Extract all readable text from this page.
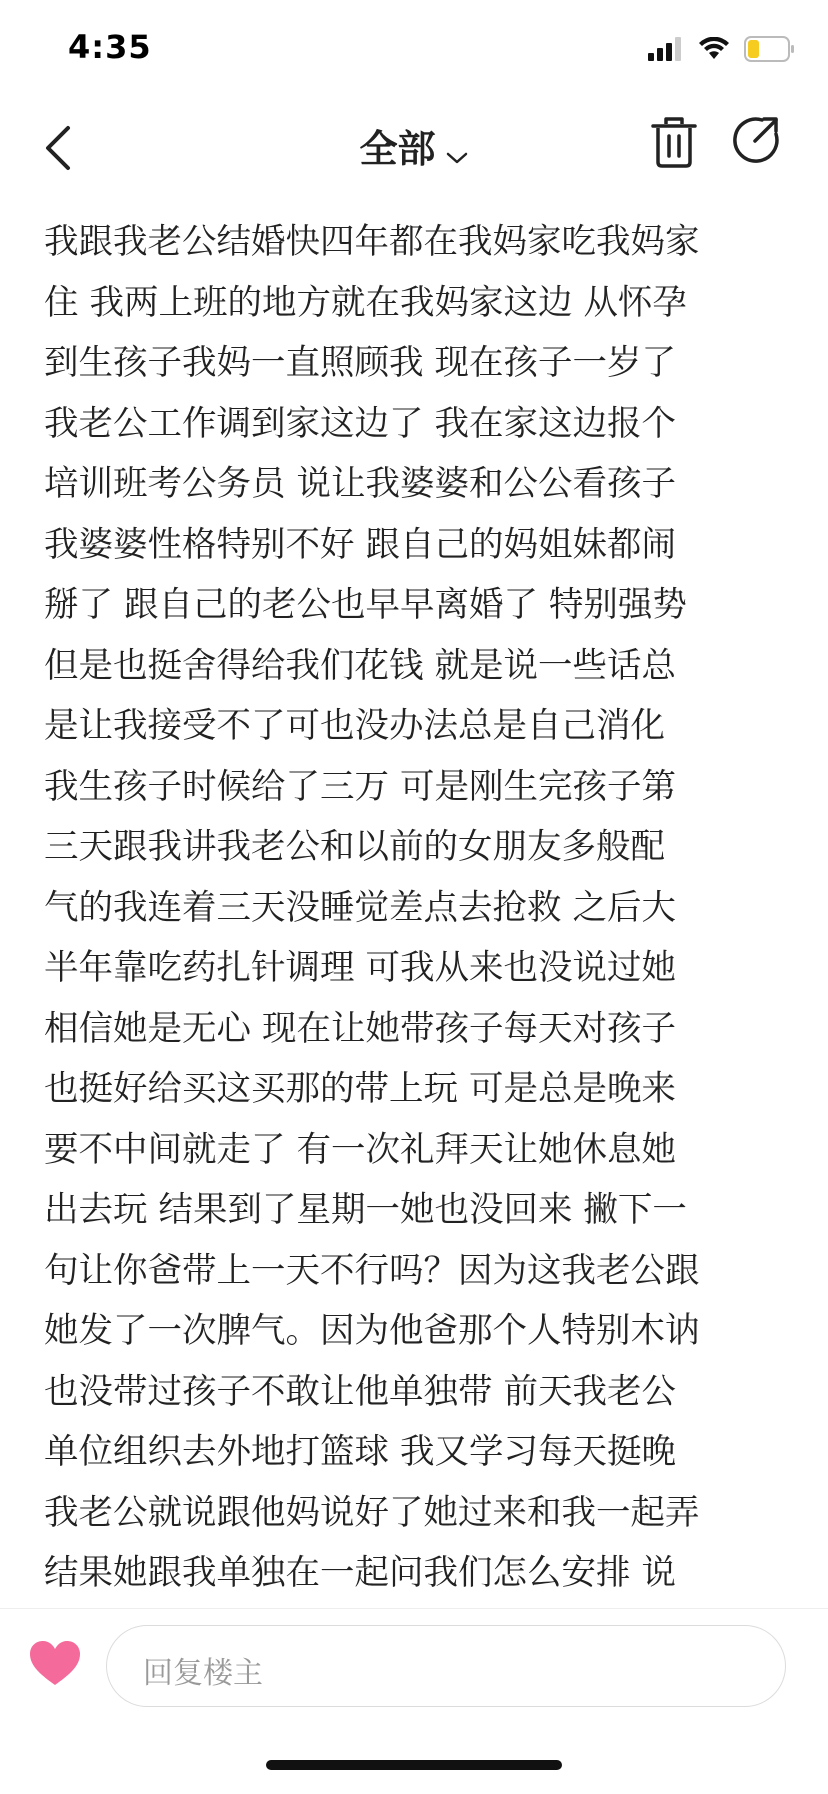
4:35
全部
我跟我老公结婚快四年都在我妈家吃我妈家
住 我两上班的地方就在我妈家这边 从怀孕
到生孩子我妈一直照顾我 现在孩子一岁了
我老公工作调到家这边了 我在家这边报个
培训班考公务员 说让我婆婆和公公看孩子
我婆婆性格特别不好 跟自己的妈姐妹都闹
掰了 跟自己的老公也早早离婚了 特别强势
但是也挺舍得给我们花钱 就是说一些话总
是让我接受不了可也没办法总是自己消化
我生孩子时候给了三万 可是刚生完孩子第
三天跟我讲我老公和以前的女朋友多般配
气的我连着三天没睡觉差点去抢救 之后大
半年靠吃药扎针调理 可我从来也没说过她
相信她是无心 现在让她带孩子每天对孩子
也挺好给买这买那的带上玩 可是总是晚来
要不中间就走了 有一次礼拜天让她休息她
出去玩 结果到了星期一她也没回来 撇下一
句让你爸带上一天不行吗？因为这我老公跟
她发了一次脾气。因为他爸那个人特别木讷
也没带过孩子不敢让他单独带 前天我老公
单位组织去外地打篮球 我又学习每天挺晚
我老公就说跟他妈说好了她过来和我一起弄
结果她跟我单独在一起问我们怎么安排 说
回复楼主
